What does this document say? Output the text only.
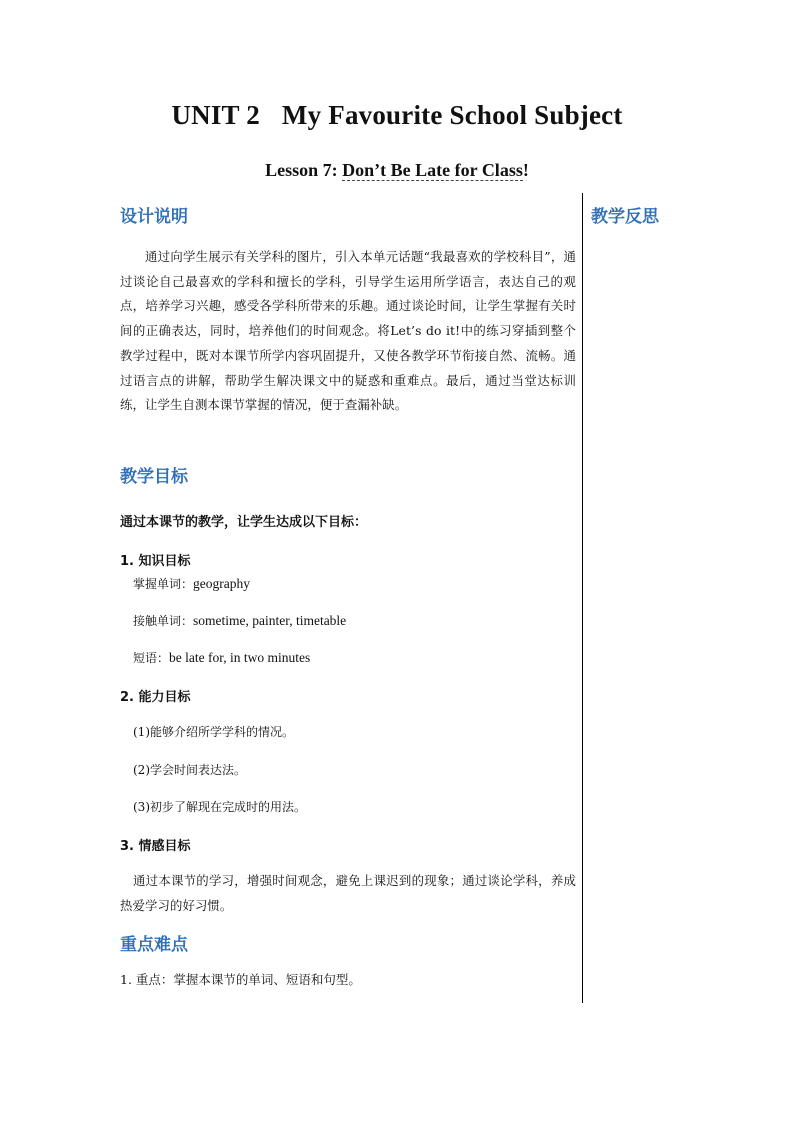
UNIT 2 My Favourite School Subject
Lesson 7: Don’t Be Late for Class!
教学反思
设计说明
通过向学生展示有关学科的图片，引入本单元话题“我最喜欢的学校科目”，通过谈论自己最喜欢的学科和擅长的学科，引导学生运用所学语言，表达自己的观点，培养学习兴趣，感受各学科所带来的乐趣。通过谈论时间，让学生掌握有关时间的正确表达，同时，培养他们的时间观念。将Let’s do it!中的练习穿插到整个教学过程中，既对本课节所学内容巩固提升，又使各教学环节衔接自然、流畅。通过语言点的讲解，帮助学生解决课文中的疑惑和重难点。最后，通过当堂达标训练，让学生自测本课节掌握的情况，便于查漏补缺。
教学目标
通过本课节的教学，让学生达成以下目标：
1. 知识目标
掌握单词：geography
接触单词：sometime, painter, timetable
短语：be late for, in two minutes
2. 能力目标
(1)能够介绍所学学科的情况。
(2)学会时间表达法。
(3)初步了解现在完成时的用法。
3. 情感目标
通过本课节的学习，增强时间观念，避免上课迟到的现象；通过谈论学科，养成热爱学习的好习惯。
重点难点
1. 重点：掌握本课节的单词、短语和句型。
